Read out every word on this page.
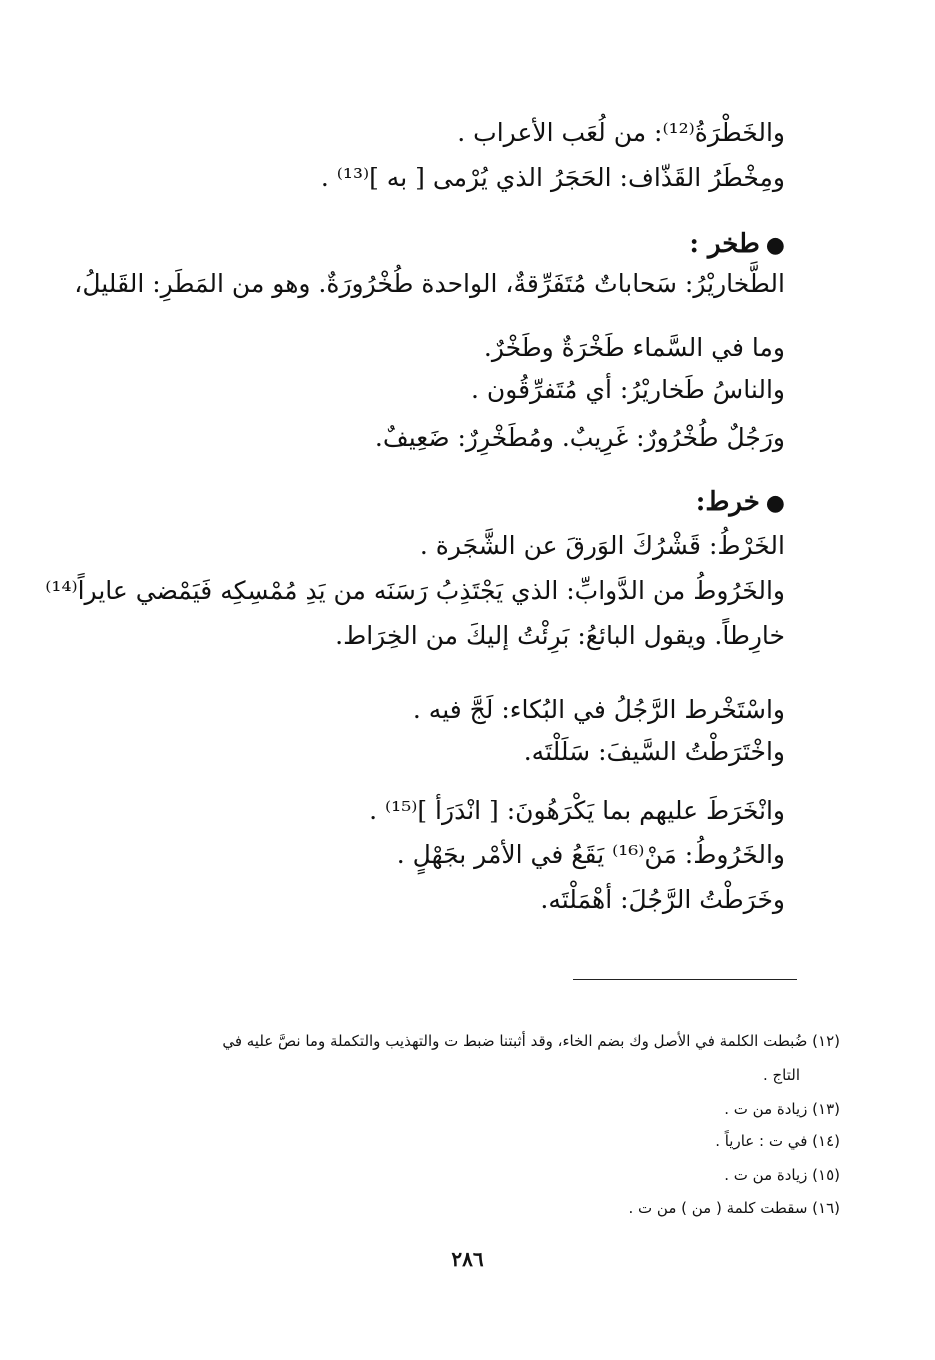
والخَطْرَةُ⁽¹²⁾: من لُعَب الأعراب .
ومِخْطَرُ القَذّاف: الحَجَرُ الذي يُرْمى [ به ]⁽¹³⁾ .
●طخر :
الطَّخاريْرُ: سَحاباتٌ مُتَفَرِّقةٌ، الواحدة طُخْرُورَةٌ. وهو من المَطَرِ: القَليلُ،
وما في السَّماء طَخْرَةٌ وطَخْرٌ.
والناسُ طَخاريْرُ: أي مُتَفرِّقُون .
ورَجُلٌ طُخْرُورٌ: غَرِيبٌ. ومُطَخْرِرٌ: ضَعِيفٌ.
●خرط:
الخَرْطُ: قَشْرُكَ الوَرقَ عن الشَّجَرة .
والخَرُوطُ من الدَّوابِّ: الذي يَجْتَذِبُ رَسَنَه من يَدِ مُمْسِكِه فَيَمْضي عايراً⁽¹⁴⁾
خارِطاً. ويقول البائعُ: بَرِئْتُ إليكَ من الخِرَاط.
واسْتَخْرط الرَّجُلُ في البُكاء: لَجَّ فيه .
واخْتَرَطْتُ السَّيفَ: سَلَلْتَه.
وانْخَرَطَ عليهم بما يَكْرَهُونَ: [ انْدَرَأ ]⁽¹⁵⁾ .
والخَرُوطُ: مَنْ⁽¹⁶⁾ يَقَعُ في الأمْر بجَهْلٍ .
وخَرَطْتُ الرَّجُلَ: أهْمَلْتَه.
(١٢) ضُبطت الكلمة في الأصل وك بضم الخاء، وقد أثبتنا ضبط ت والتهذيب والتكملة وما نصَّ عليه في
التاج .
(١٣) زيادة من ت .
(١٤) في ت : عارياً .
(١٥) زيادة من ت .
(١٦) سقطت كلمة ( من ) من ت .
٢٨٦
